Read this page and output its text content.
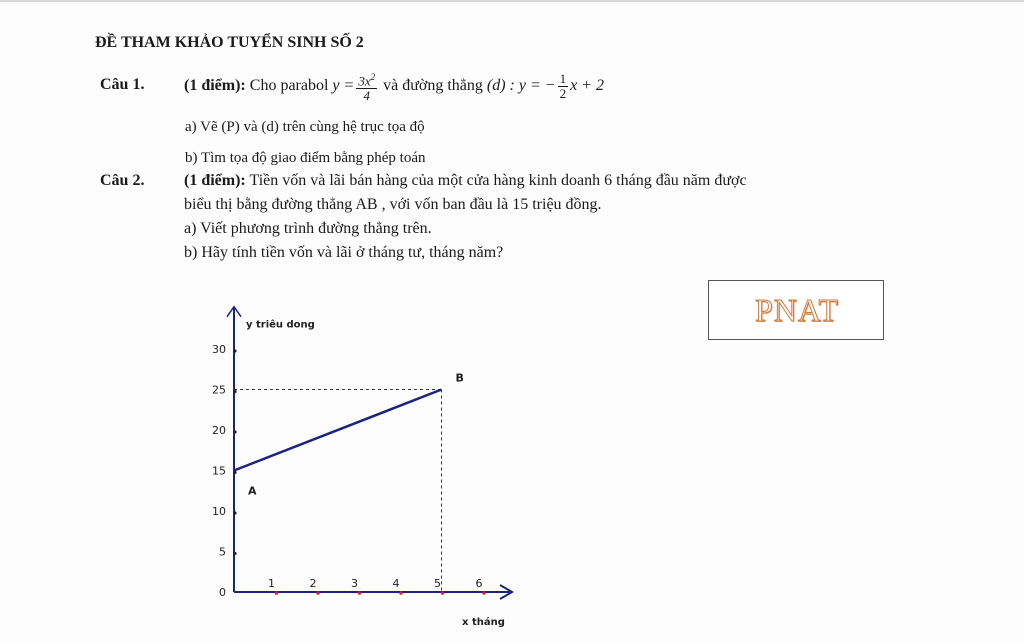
ĐỀ THAM KHẢO TUYỂN SINH SỐ 2
Câu 1. (1 điểm): Cho parabol $y = \frac{3x^2}{4}$ và đường thẳng (d) : y = − $\frac{1}{2}$ x + 2
a) Vẽ (P) và (d) trên cùng hệ trục tọa độ
b) Tìm tọa độ giao điểm bằng phép toán
Câu 2. (1 điểm): Tiền vốn và lãi bán hàng của một cửa hàng kinh doanh 6 tháng đầu năm được
biểu thị bằng đường thẳng AB , với vốn ban đầu là 15 triệu đồng.
a) Viết phương trình đường thẳng trên.
b) Hãy tính tiền vốn và lãi ở tháng tư, tháng năm?
0
5
10
15
20
25
30
1	2	3	4	5	6
A
B
y triêu dong
x tháng
PNAT
